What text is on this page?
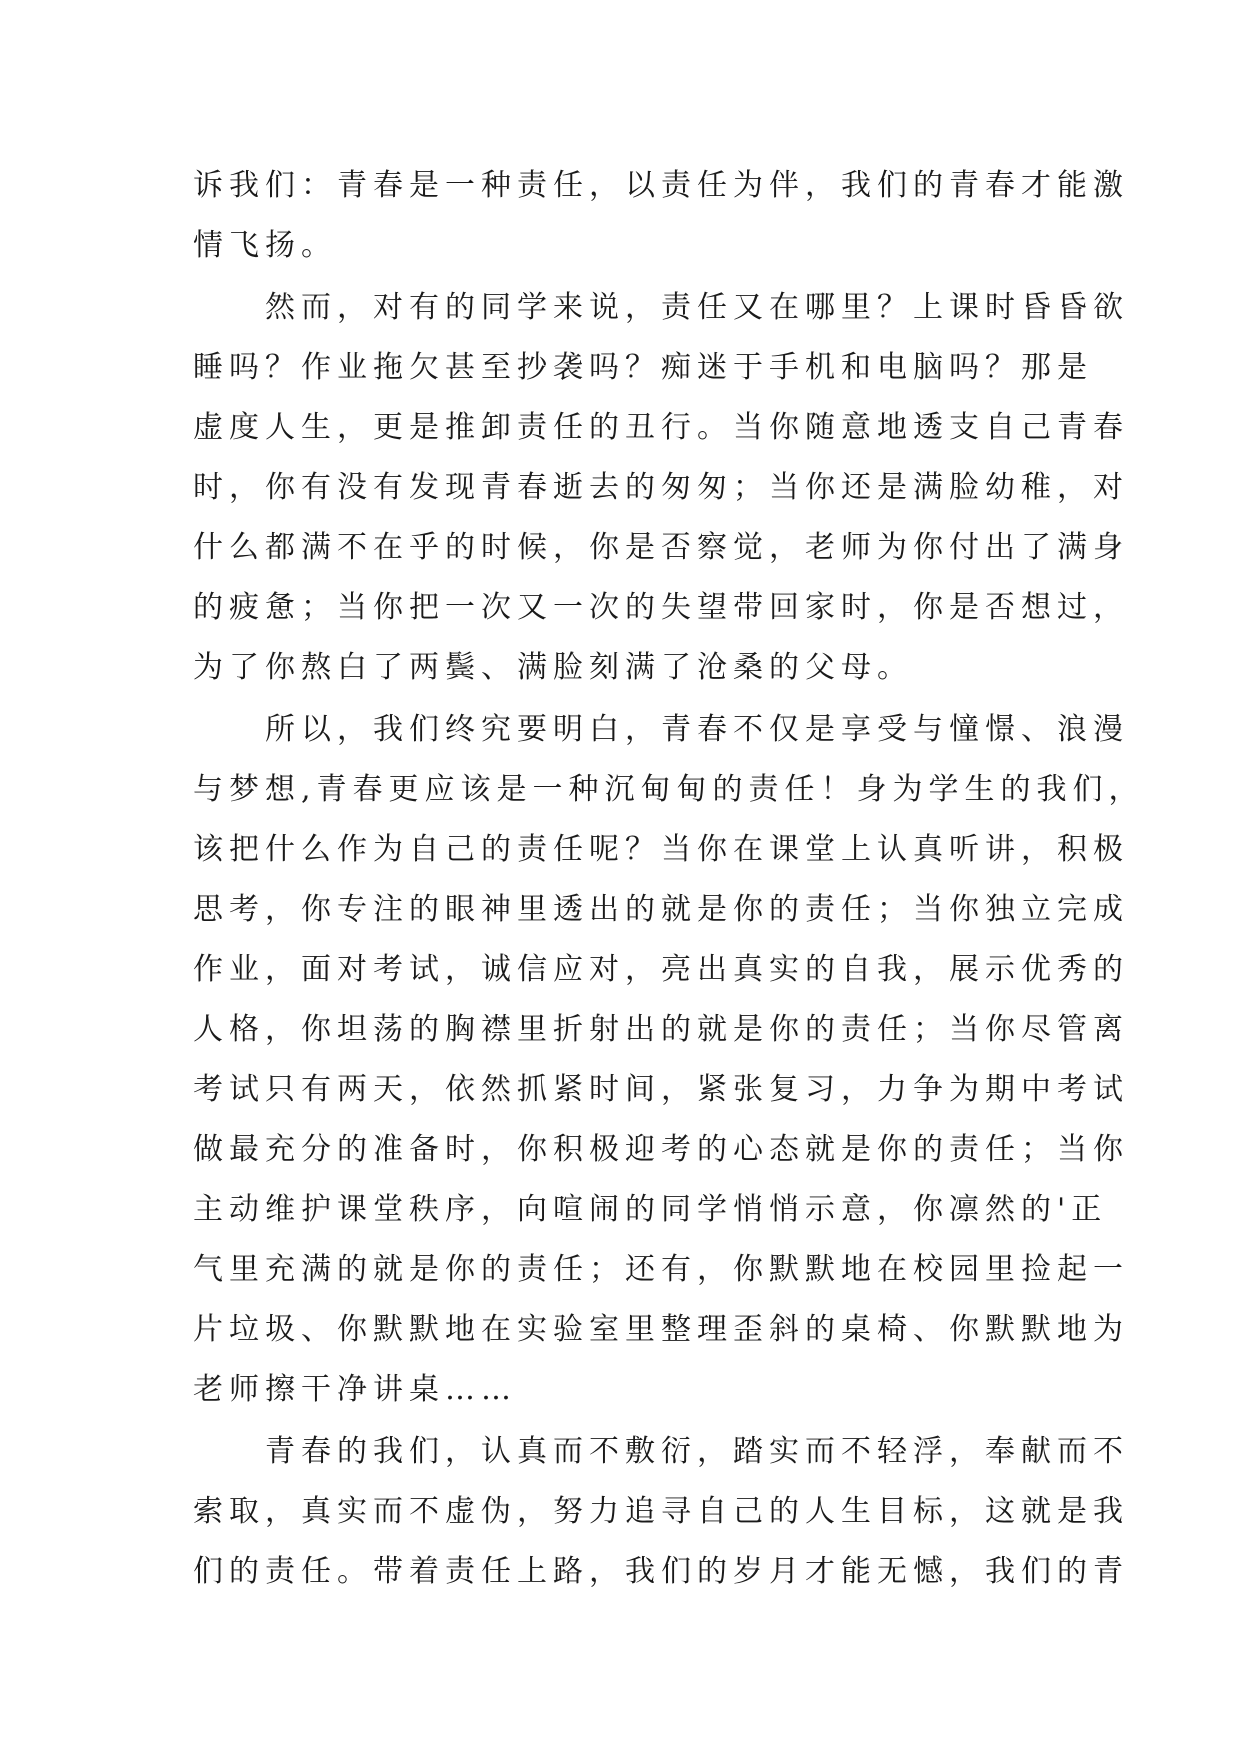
诉我们：青春是一种责任，以责任为伴，我们的青春才能激
情飞扬。
　　然而，对有的同学来说，责任又在哪里？上课时昏昏欲
睡吗？作业拖欠甚至抄袭吗？痴迷于手机和电脑吗？那是
虚度人生，更是推卸责任的丑行。当你随意地透支自己青春
时，你有没有发现青春逝去的匆匆；当你还是满脸幼稚，对
什么都满不在乎的时候，你是否察觉，老师为你付出了满身
的疲惫；当你把一次又一次的失望带回家时，你是否想过，
为了你熬白了两鬓、满脸刻满了沧桑的父母。
　　所以，我们终究要明白，青春不仅是享受与憧憬、浪漫
与梦想,青春更应该是一种沉甸甸的责任！身为学生的我们，
该把什么作为自己的责任呢？当你在课堂上认真听讲，积极
思考，你专注的眼神里透出的就是你的责任；当你独立完成
作业，面对考试，诚信应对，亮出真实的自我，展示优秀的
人格，你坦荡的胸襟里折射出的就是你的责任；当你尽管离
考试只有两天，依然抓紧时间，紧张复习，力争为期中考试
做最充分的准备时，你积极迎考的心态就是你的责任；当你
主动维护课堂秩序，向喧闹的同学悄悄示意，你凛然的'正
气里充满的就是你的责任；还有，你默默地在校园里捡起一
片垃圾、你默默地在实验室里整理歪斜的桌椅、你默默地为
老师擦干净讲桌……
　　青春的我们，认真而不敷衍，踏实而不轻浮，奉献而不
索取，真实而不虚伪，努力追寻自己的人生目标，这就是我
们的责任。带着责任上路，我们的岁月才能无憾，我们的青
